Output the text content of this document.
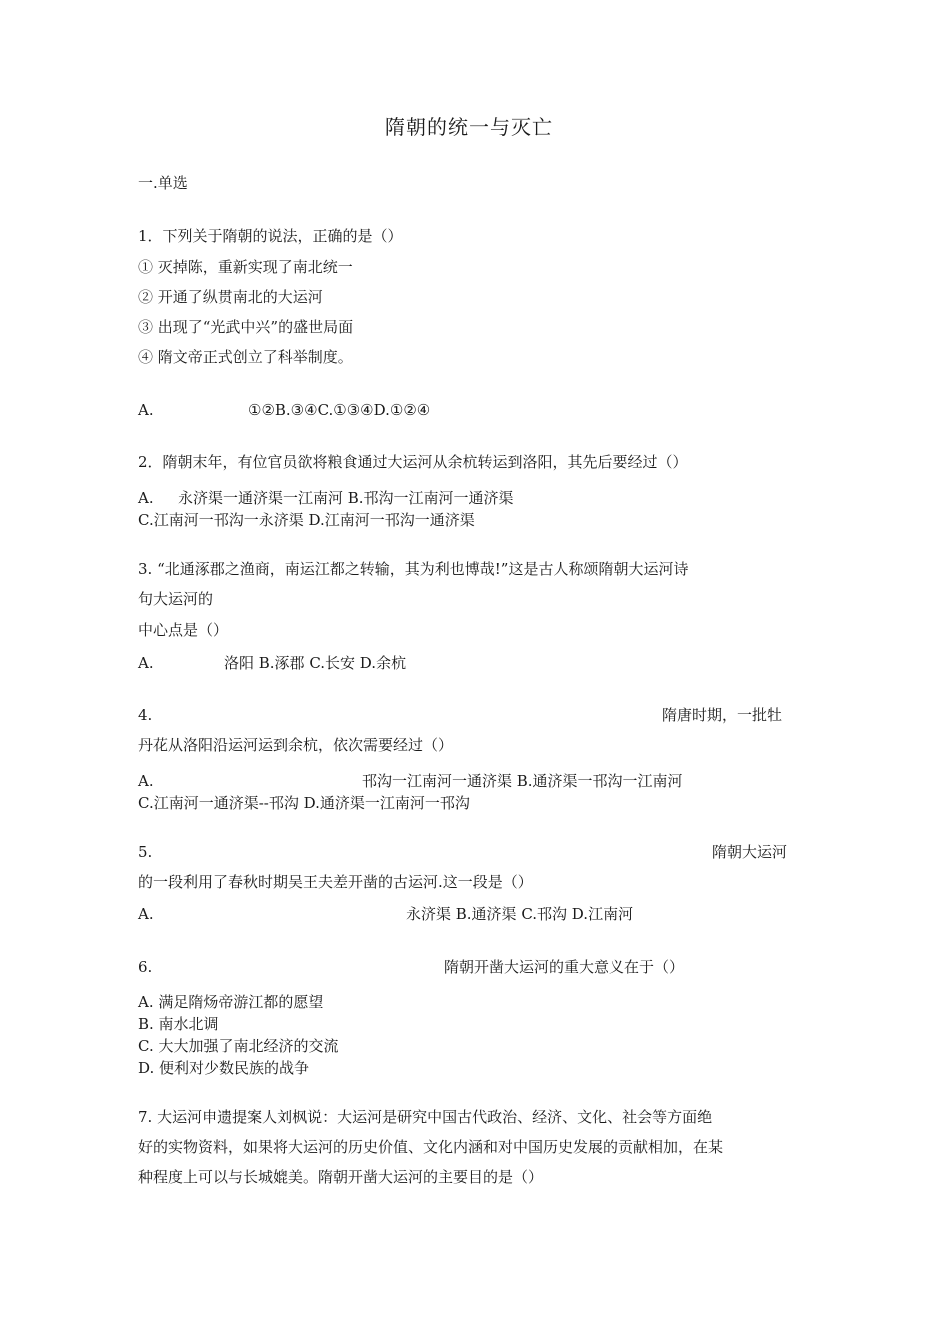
隋朝的统一与灭亡
一.单选
1．下列关于隋朝的说法，正确的是（）
① 灭掉陈，重新实现了南北统一
② 开通了纵贯南北的大运河
③ 出现了“光武中兴”的盛世局面
④ 隋文帝正式创立了科举制度。
A.	①②B.③④C.①③④D.①②④
2．隋朝末年，有位官员欲将粮食通过大运河从余杭转运到洛阳，其先后要经过（）
A. 永济渠一通济渠一江南河 B.邗沟一江南河一通济渠
C.江南河一邗沟一永济渠 D.江南河一邗沟一通济渠
3. “北通涿郡之渔商，南运江都之转输，其为利也博哉!”这是古人称颂隋朝大运河诗
句大运河的
中心点是（）
A.	洛阳 B.涿郡 C.长安 D.余杭
4.	隋唐时期，一批牡
丹花从洛阳沿运河运到余杭，依次需要经过（）
A.	邗沟一江南河一通济渠 B.通济渠一邗沟一江南河
C.江南河一通济渠--邗沟 D.通济渠一江南河一邗沟
5.	隋朝大运河
的一段利用了春秋时期吴王夫差开凿的古运河.这一段是（）
A.	永济渠 B.通济渠 C.邗沟 D.江南河
6.	隋朝开凿大运河的重大意义在于（）
A. 满足隋炀帝游江都的愿望
B. 南水北调
C. 大大加强了南北经济的交流
D. 便利对少数民族的战争
7. 大运河申遗提案人刘枫说：大运河是研究中国古代政治、经济、文化、社会等方面绝
好的实物资料，如果将大运河的历史价值、文化内涵和对中国历史发展的贡献相加，在某
种程度上可以与长城媲美。隋朝开凿大运河的主要目的是（）
